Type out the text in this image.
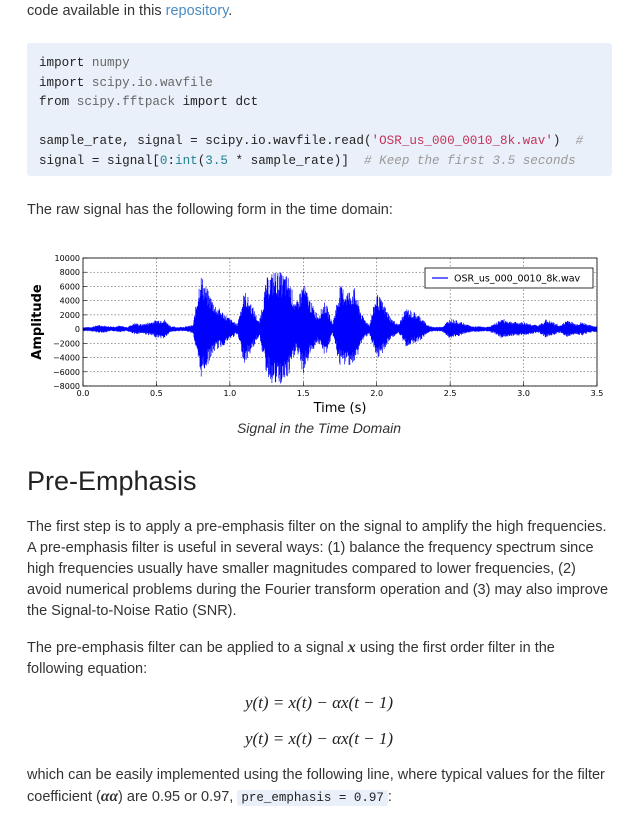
code available in this repository.

import numpy
import scipy.io.wavfile
from scipy.fftpack import dct

sample_rate, signal = scipy.io.wavfile.read('OSR_us_000_0010_8k.wav')  #
signal = signal[0:int(3.5 * sample_rate)]  # Keep the first 3.5 seconds

The raw signal has the following form in the time domain:

0.0	0.5	1.0	1.5	2.0	2.5	3.0	3.5
10000
8000
6000
4000
2000
0
−2000
−4000
−6000
−8000
Amplitude
Time (s)
OSR_us_000_0010_8k.wav

Signal in the Time Domain

Pre-Emphasis

The first step is to apply a pre-emphasis filter on the signal to amplify the high frequencies. A pre-emphasis filter is useful in several ways: (1) balance the frequency spectrum since high frequencies usually have smaller magnitudes compared to lower frequencies, (2) avoid numerical problems during the Fourier transform operation and (3) may also improve the Signal-to-Noise Ratio (SNR).

The pre-emphasis filter can be applied to a signal x using the first order filter in the following equation:

y(t) = x(t) − αx(t − 1)
y(t) = x(t) − αx(t − 1)

which can be easily implemented using the following line, where typical values for the filter coefficient (αα) are 0.95 or 0.97, pre_emphasis = 0.97 :
